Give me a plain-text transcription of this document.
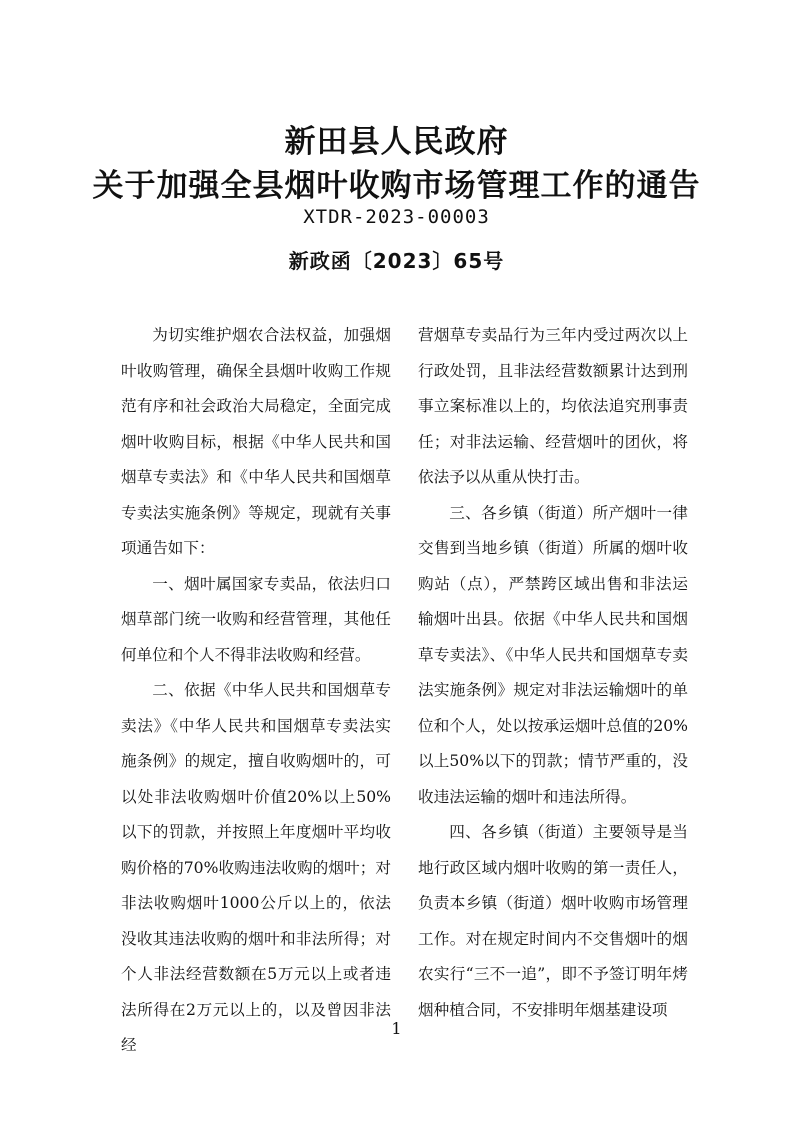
新田县人民政府
关于加强全县烟叶收购市场管理工作的通告
XTDR-2023-00003
新政函〔2023〕65号

为切实维护烟农合法权益，加强烟叶收购管理，确保全县烟叶收购工作规范有序和社会政治大局稳定，全面完成烟叶收购目标，根据《中华人民共和国烟草专卖法》和《中华人民共和国烟草专卖法实施条例》等规定，现就有关事项通告如下：

一、烟叶属国家专卖品，依法归口烟草部门统一收购和经营管理，其他任何单位和个人不得非法收购和经营。

二、依据《中华人民共和国烟草专卖法》《中华人民共和国烟草专卖法实施条例》的规定，擅自收购烟叶的，可以处非法收购烟叶价值20%以上50%以下的罚款，并按照上年度烟叶平均收购价格的70%收购违法收购的烟叶；对非法收购烟叶1000公斤以上的，依法没收其违法收购的烟叶和非法所得；对个人非法经营数额在5万元以上或者违法所得在2万元以上的，以及曾因非法经

营烟草专卖品行为三年内受过两次以上行政处罚，且非法经营数额累计达到刑事立案标准以上的，均依法追究刑事责任；对非法运输、经营烟叶的团伙，将依法予以从重从快打击。

三、各乡镇（街道）所产烟叶一律交售到当地乡镇（街道）所属的烟叶收购站（点），严禁跨区域出售和非法运输烟叶出县。依据《中华人民共和国烟草专卖法》、《中华人民共和国烟草专卖法实施条例》规定对非法运输烟叶的单位和个人，处以按承运烟叶总值的20%以上50%以下的罚款；情节严重的，没收违法运输的烟叶和违法所得。

四、各乡镇（街道）主要领导是当地行政区域内烟叶收购的第一责任人，负责本乡镇（街道）烟叶收购市场管理工作。对在规定时间内不交售烟叶的烟农实行“三不一追”，即不予签订明年烤烟种植合同，不安排明年烟基建设项

1
